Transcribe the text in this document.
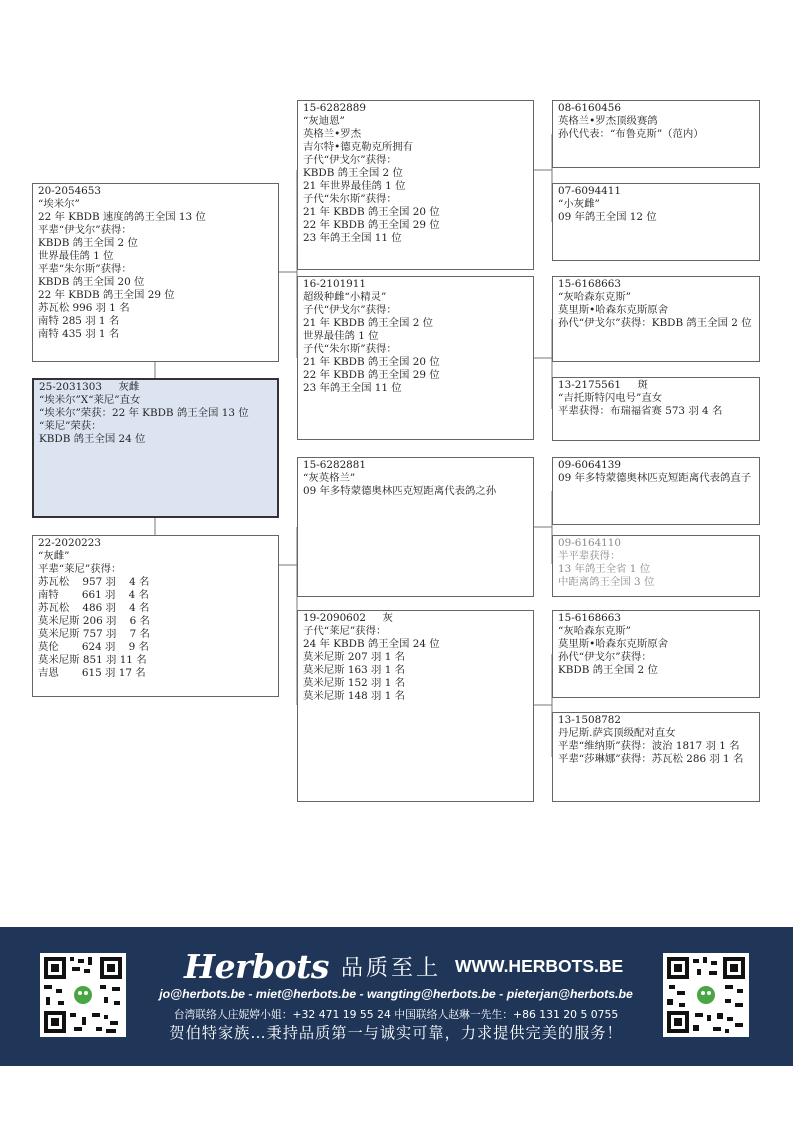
20-2054653
“埃米尔”
22 年 KBDB 速度鸽鸽王全国 13 位
平辈“伊戈尔”获得：
KBDB 鸽王全国 2 位
世界最佳鸽 1 位
平辈“朱尔斯”获得：
KBDB 鸽王全国 20 位
22 年 KBDB 鸽王全国 29 位
苏瓦松 996 羽 1 名
南特 285 羽 1 名
南特 435 羽 1 名
25-2031303     灰雌
“埃米尔”X“莱尼”直女
“埃米尔”荣获：22 年 KBDB 鸽王全国 13 位
“莱尼”荣获：
KBDB 鸽王全国 24 位
22-2020223
“灰雌”
平辈“莱尼”获得：
苏瓦松    957 羽    4 名
南特       661 羽    4 名
苏瓦松    486 羽    4 名
莫米尼斯 206 羽    6 名
莫米尼斯 757 羽    7 名
莫伦       624 羽    9 名
莫米尼斯 851 羽 11 名
吉恩       615 羽 17 名
15-6282889
“灰迪恩”
英格兰•罗杰
吉尔特•德克勒克所拥有
子代“伊戈尔”获得：
KBDB 鸽王全国 2 位
21 年世界最佳鸽 1 位
子代“朱尔斯”获得：
21 年 KBDB 鸽王全国 20 位
22 年 KBDB 鸽王全国 29 位
23 年鸽王全国 11 位
16-2101911
超级种雌“小精灵”
子代“伊戈尔”获得：
21 年 KBDB 鸽王全国 2 位
世界最佳鸽 1 位
子代“朱尔斯”获得：
21 年 KBDB 鸽王全国 20 位
22 年 KBDB 鸽王全国 29 位
23 年鸽王全国 11 位
15-6282881
“灰英格兰”
09 年多特蒙德奥林匹克短距离代表鸽之孙
19-2090602     灰
子代“莱尼”获得：
24 年 KBDB 鸽王全国 24 位
莫米尼斯 207 羽 1 名
莫米尼斯 163 羽 1 名
莫米尼斯 152 羽 1 名
莫米尼斯 148 羽 1 名
08-6160456
英格兰•罗杰顶级赛鸽
孙代代表：“布鲁克斯”（范内）
07-6094411
“小灰雌”
09 年鸽王全国 12 位
15-6168663
“灰哈森东克斯”
莫里斯•哈森东克斯原舍
孙代“伊戈尔”获得：KBDB 鸽王全国 2 位
13-2175561     斑
“吉托斯特闪电号”直女
平辈获得：布瑞福省赛 573 羽 4 名
09-6064139
09 年多特蒙德奥林匹克短距离代表鸽直子
09-6164110
半平辈获得：
13 年鸽王全省 1 位
中距离鸽王全国 3 位
15-6168663
“灰哈森东克斯”
莫里斯•哈森东克斯原舍
孙代“伊戈尔”获得：
KBDB 鸽王全国 2 位
13-1508782
丹尼斯.萨宾顶级配对直女
平辈“维纳斯”获得：波治 1817 羽 1 名
平辈“莎琳娜”获得：苏瓦松 286 羽 1 名
Herbots 品质至上 WWW.HERBOTS.BE
jo@herbots.be - miet@herbots.be - wangting@herbots.be - pieterjan@herbots.be
台湾联络人庄妮婷小姐：+32 471 19 55 24 中国联络人赵琳一先生：+86 131 20 5 0755
贺伯特家族…秉持品质第一与诚实可靠，力求提供完美的服务！
